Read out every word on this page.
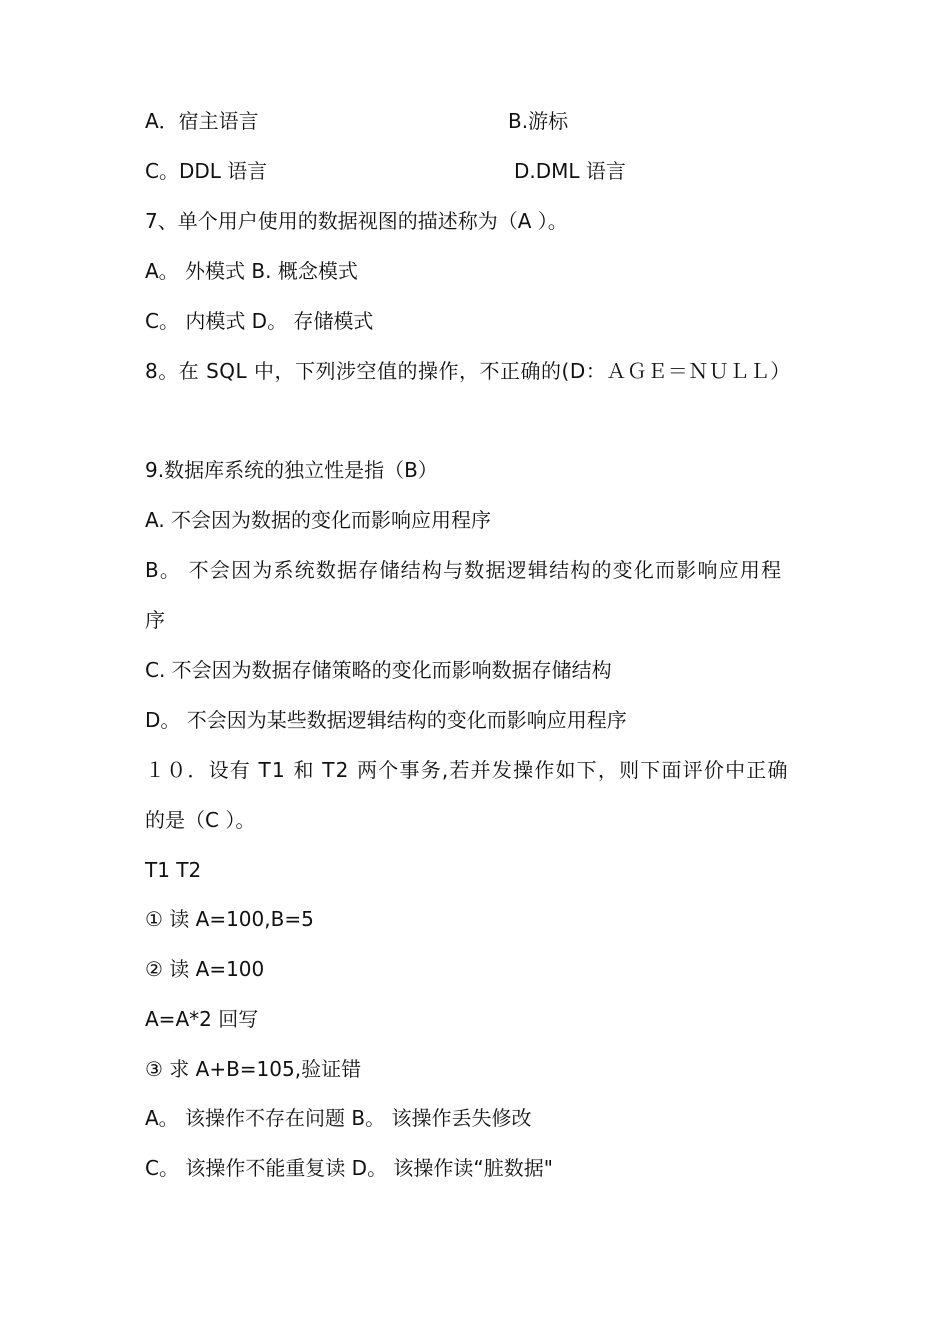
A．宿主语言	B.游标
C。DDL 语言	D.DML 语言
7、单个用户使用的数据视图的描述称为（A ）。
A。 外模式 B. 概念模式
C。 内模式 D。 存储模式
8。在 SQL 中，下列涉空值的操作，不正确的(D：ＡＧＥ＝ＮＵＬＬ）
9.数据库系统的独立性是指（B）
A. 不会因为数据的变化而影响应用程序
B。 不会因为系统数据存储结构与数据逻辑结构的变化而影响应用程
序
C. 不会因为数据存储策略的变化而影响数据存储结构
D。 不会因为某些数据逻辑结构的变化而影响应用程序
１０．设有 T1 和 T2 两个事务,若并发操作如下，则下面评价中正确
的是（C ）。
T1 T2
① 读 A=100,B=5
② 读 A=100
A=A*2 回写
③ 求 A+B=105,验证错
A。 该操作不存在问题 B。 该操作丢失修改
C。 该操作不能重复读 D。 该操作读“脏数据"
